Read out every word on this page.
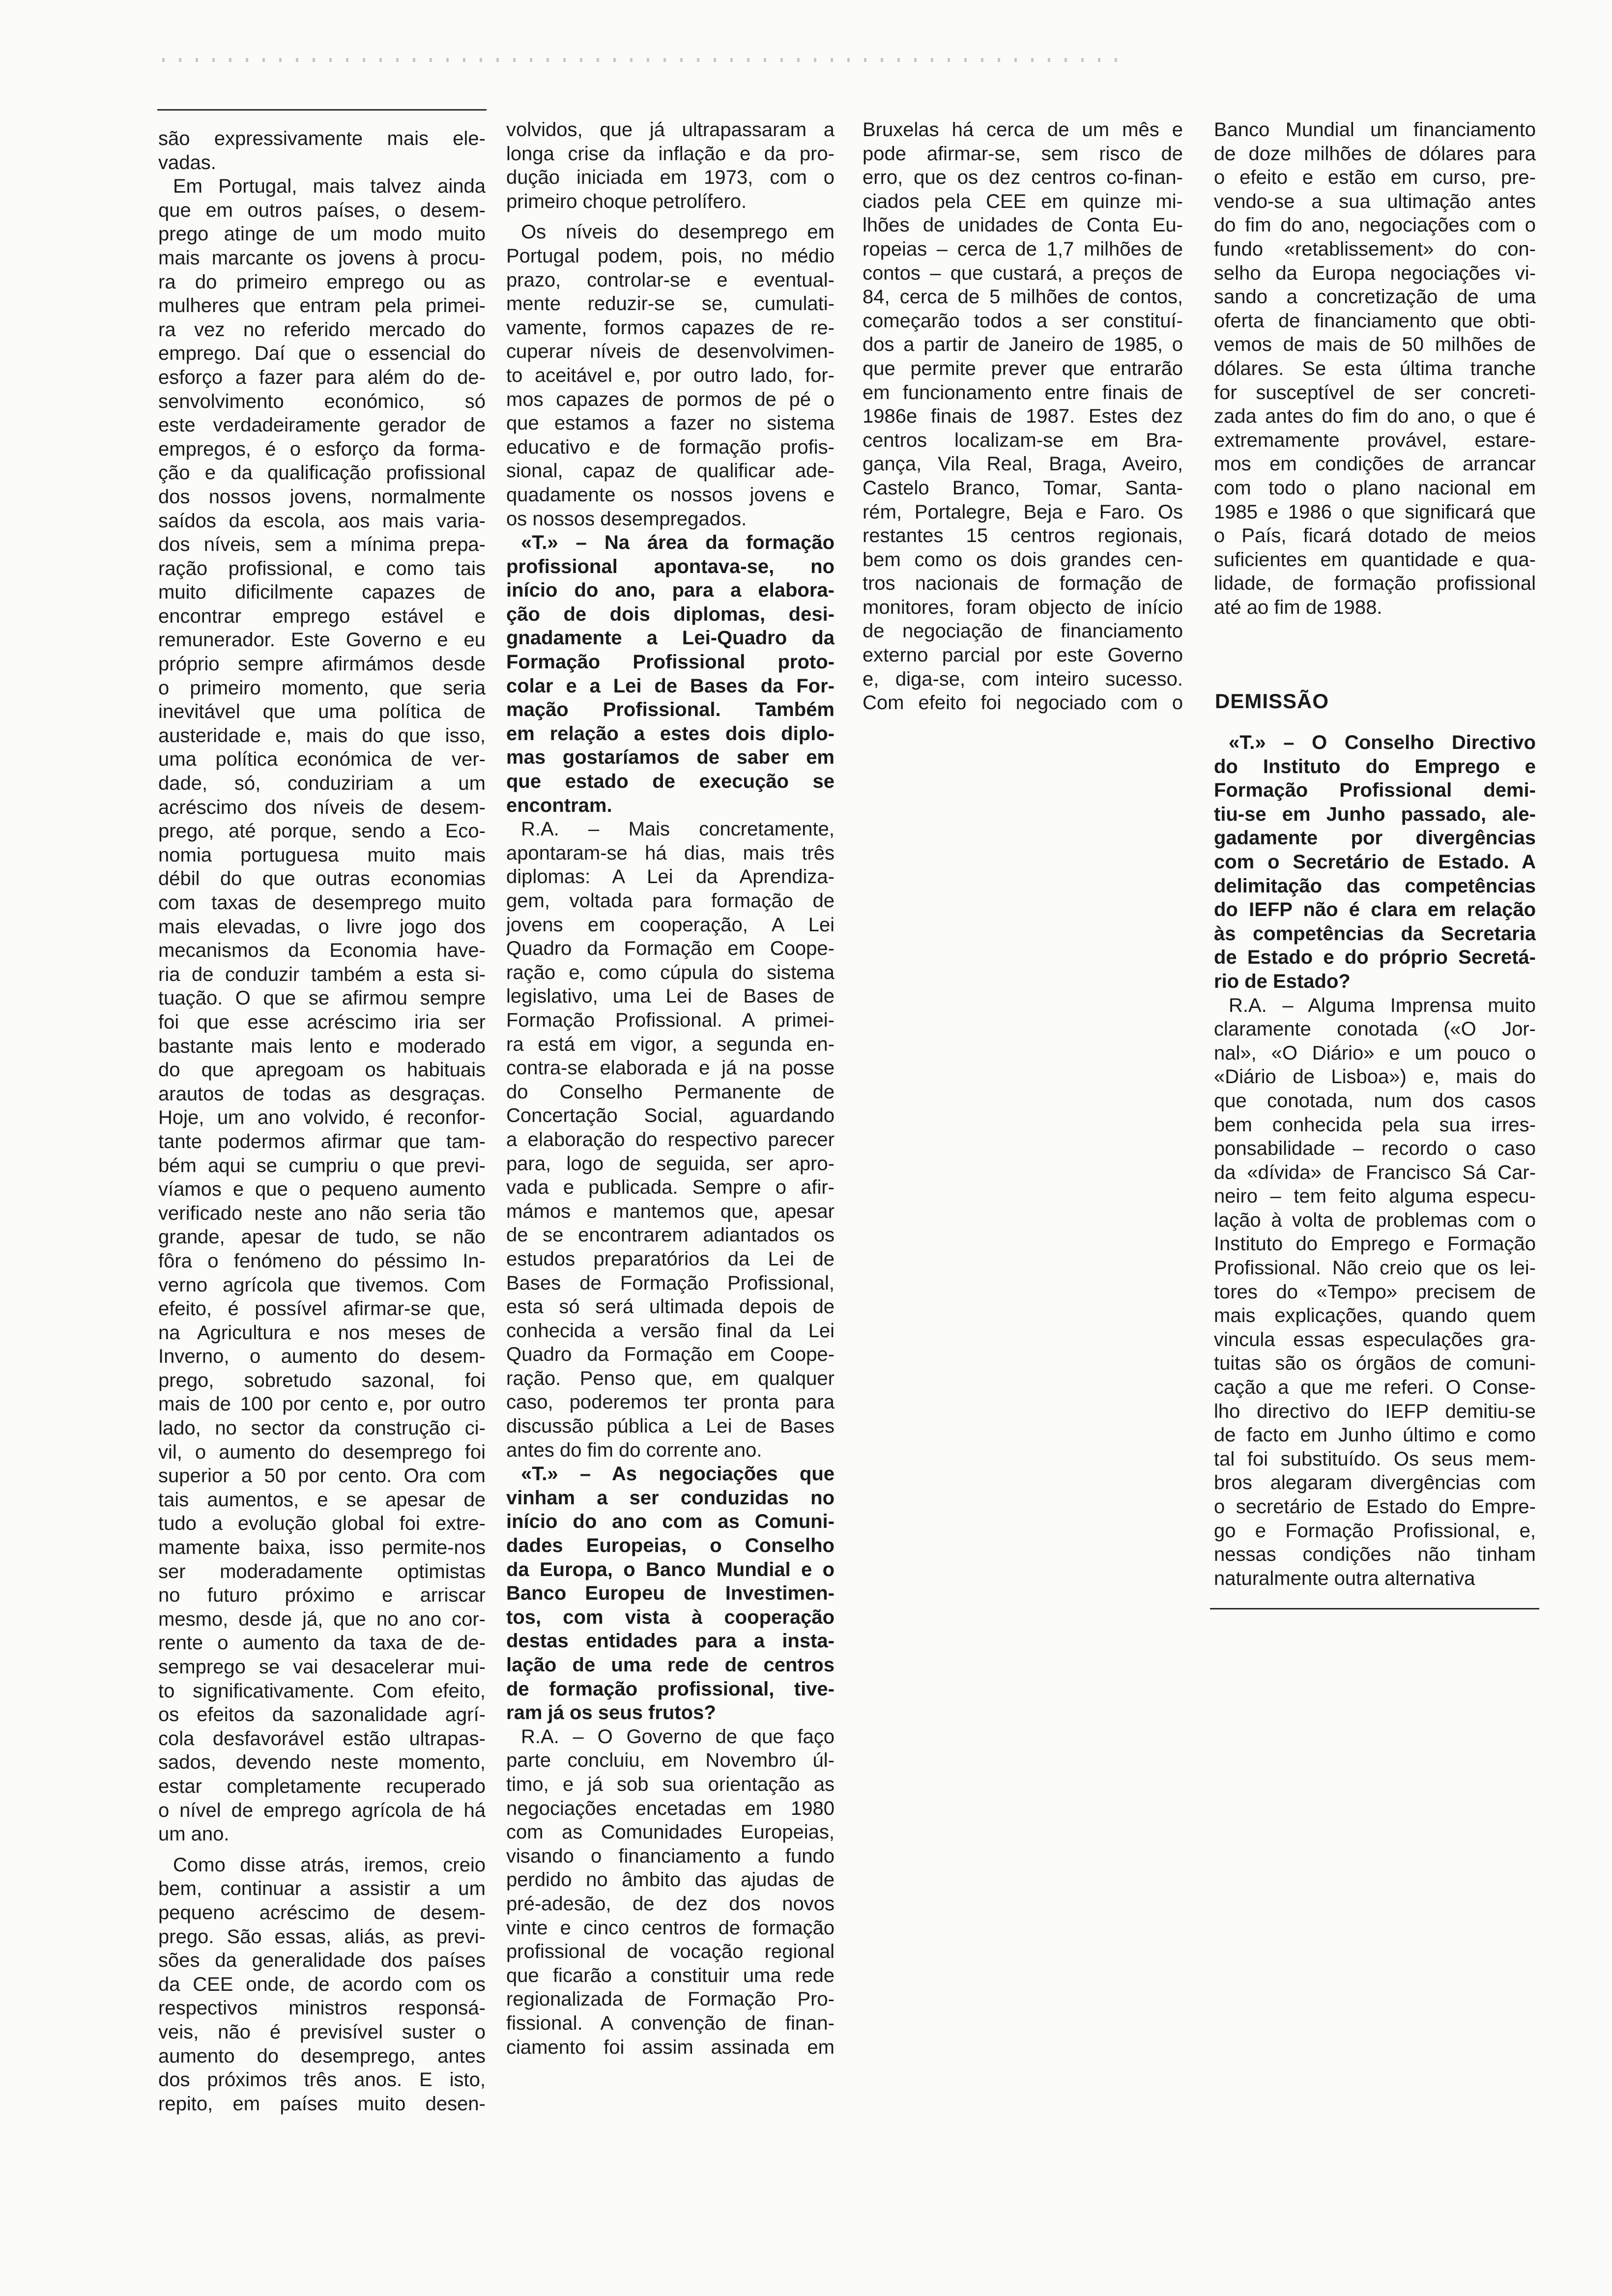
são expressivamente mais ele-

vadas.

Em Portugal, mais talvez ainda

que em outros países, o desem-

prego atinge de um modo muito

mais marcante os jovens à procu-

ra do primeiro emprego ou as

mulheres que entram pela primei-

ra vez no referido mercado do

emprego. Daí que o essencial do

esforço a fazer para além do de-

senvolvimento económico, só

este verdadeiramente gerador de

empregos, é o esforço da forma-

ção e da qualificação profissional

dos nossos jovens, normalmente

saídos da escola, aos mais varia-

dos níveis, sem a mínima prepa-

ração profissional, e como tais

muito dificilmente capazes de

encontrar emprego estável e

remunerador. Este Governo e eu

próprio sempre afirmámos desde

o primeiro momento, que seria

inevitável que uma política de

austeridade e, mais do que isso,

uma política económica de ver-

dade, só, conduziriam a um

acréscimo dos níveis de desem-

prego, até porque, sendo a Eco-

nomia portuguesa muito mais

débil do que outras economias

com taxas de desemprego muito

mais elevadas, o livre jogo dos

mecanismos da Economia have-

ria de conduzir também a esta si-

tuação. O que se afirmou sempre

foi que esse acréscimo iria ser

bastante mais lento e moderado

do que apregoam os habituais

arautos de todas as desgraças.

Hoje, um ano volvido, é reconfor-

tante podermos afirmar que tam-

bém aqui se cumpriu o que previ-

víamos e que o pequeno aumento

verificado neste ano não seria tão

grande, apesar de tudo, se não

fôra o fenómeno do péssimo In-

verno agrícola que tivemos. Com

efeito, é possível afirmar-se que,

na Agricultura e nos meses de

Inverno, o aumento do desem-

prego, sobretudo sazonal, foi

mais de 100 por cento e, por outro

lado, no sector da construção ci-

vil, o aumento do desemprego foi

superior a 50 por cento. Ora com

tais aumentos, e se apesar de

tudo a evolução global foi extre-

mamente baixa, isso permite-nos

ser moderadamente optimistas

no futuro próximo e arriscar

mesmo, desde já, que no ano cor-

rente o aumento da taxa de de-

semprego se vai desacelerar mui-

to significativamente. Com efeito,

os efeitos da sazonalidade agrí-

cola desfavorável estão ultrapas-

sados, devendo neste momento,

estar completamente recuperado

o nível de emprego agrícola de há

um ano.

Como disse atrás, iremos, creio

bem, continuar a assistir a um

pequeno acréscimo de desem-

prego. São essas, aliás, as previ-

sões da generalidade dos países

da CEE onde, de acordo com os

respectivos ministros responsá-

veis, não é previsível suster o

aumento do desemprego, antes

dos próximos três anos. E isto,

repito, em países muito desen-

volvidos, que já ultrapassaram a

longa crise da inflação e da pro-

dução iniciada em 1973, com o

primeiro choque petrolífero.

Os níveis do desemprego em

Portugal podem, pois, no médio

prazo, controlar-se e eventual-

mente reduzir-se se, cumulati-

vamente, formos capazes de re-

cuperar níveis de desenvolvimen-

to aceitável e, por outro lado, for-

mos capazes de pormos de pé o

que estamos a fazer no sistema

educativo e de formação profis-

sional, capaz de qualificar ade-

quadamente os nossos jovens e

os nossos desempregados.

«T.» – Na área da formação

profissional apontava-se, no

início do ano, para a elabora-

ção de dois diplomas, desi-

gnadamente a Lei-Quadro da

Formação Profissional proto-

colar e a Lei de Bases da For-

mação Profissional. Também

em relação a estes dois diplo-

mas gostaríamos de saber em

que estado de execução se

encontram.

R.A. – Mais concretamente,

apontaram-se há dias, mais três

diplomas: A Lei da Aprendiza-

gem, voltada para formação de

jovens em cooperação, A Lei

Quadro da Formação em Coope-

ração e, como cúpula do sistema

legislativo, uma Lei de Bases de

Formação Profissional. A primei-

ra está em vigor, a segunda en-

contra-se elaborada e já na posse

do Conselho Permanente de

Concertação Social, aguardando

a elaboração do respectivo parecer

para, logo de seguida, ser apro-

vada e publicada. Sempre o afir-

mámos e mantemos que, apesar

de se encontrarem adiantados os

estudos preparatórios da Lei de

Bases de Formação Profissional,

esta só será ultimada depois de

conhecida a versão final da Lei

Quadro da Formação em Coope-

ração. Penso que, em qualquer

caso, poderemos ter pronta para

discussão pública a Lei de Bases

antes do fim do corrente ano.

«T.» – As negociações que

vinham a ser conduzidas no

início do ano com as Comuni-

dades Europeias, o Conselho

da Europa, o Banco Mundial e o

Banco Europeu de Investimen-

tos, com vista à cooperação

destas entidades para a insta-

lação de uma rede de centros

de formação profissional, tive-

ram já os seus frutos?

R.A. – O Governo de que faço

parte concluiu, em Novembro úl-

timo, e já sob sua orientação as

negociações encetadas em 1980

com as Comunidades Europeias,

visando o financiamento a fundo

perdido no âmbito das ajudas de

pré-adesão, de dez dos novos

vinte e cinco centros de formação

profissional de vocação regional

que ficarão a constituir uma rede

regionalizada de Formação Pro-

fissional. A convenção de finan-

ciamento foi assim assinada em

Bruxelas há cerca de um mês e

pode afirmar-se, sem risco de

erro, que os dez centros co-finan-

ciados pela CEE em quinze mi-

lhões de unidades de Conta Eu-

ropeias – cerca de 1,7 milhões de

contos – que custará, a preços de

84, cerca de 5 milhões de contos,

começarão todos a ser constituí-

dos a partir de Janeiro de 1985, o

que permite prever que entrarão

em funcionamento entre finais de

1986e finais de 1987. Estes dez

centros localizam-se em Bra-

gança, Vila Real, Braga, Aveiro,

Castelo Branco, Tomar, Santa-

rém, Portalegre, Beja e Faro. Os

restantes 15 centros regionais,

bem como os dois grandes cen-

tros nacionais de formação de

monitores, foram objecto de início

de negociação de financiamento

externo parcial por este Governo

e, diga-se, com inteiro sucesso.

Com efeito foi negociado com o

Banco Mundial um financiamento

de doze milhões de dólares para

o efeito e estão em curso, pre-

vendo-se a sua ultimação antes

do fim do ano, negociações com o

fundo «retablissement» do con-

selho da Europa negociações vi-

sando a concretização de uma

oferta de financiamento que obti-

vemos de mais de 50 milhões de

dólares. Se esta última tranche

for susceptível de ser concreti-

zada antes do fim do ano, o que é

extremamente provável, estare-

mos em condições de arrancar

com todo o plano nacional em

1985 e 1986 o que significará que

o País, ficará dotado de meios

suficientes em quantidade e qua-

lidade, de formação profissional

até ao fim de 1988.

DEMISSÃO

«T.» – O Conselho Directivo

do Instituto do Emprego e

Formação Profissional demi-

tiu-se em Junho passado, ale-

gadamente por divergências

com o Secretário de Estado. A

delimitação das competências

do IEFP não é clara em relação

às competências da Secretaria

de Estado e do próprio Secretá-

rio de Estado?

R.A. – Alguma Imprensa muito

claramente conotada («O Jor-

nal», «O Diário» e um pouco o

«Diário de Lisboa») e, mais do

que conotada, num dos casos

bem conhecida pela sua irres-

ponsabilidade – recordo o caso

da «dívida» de Francisco Sá Car-

neiro – tem feito alguma especu-

lação à volta de problemas com o

Instituto do Emprego e Formação

Profissional. Não creio que os lei-

tores do «Tempo» precisem de

mais explicações, quando quem

vincula essas especulações gra-

tuitas são os órgãos de comuni-

cação a que me referi. O Conse-

lho directivo do IEFP demitiu-se

de facto em Junho último e como

tal foi substituído. Os seus mem-

bros alegaram divergências com

o secretário de Estado do Empre-

go e Formação Profissional, e,

nessas condições não tinham

naturalmente outra alternativa
